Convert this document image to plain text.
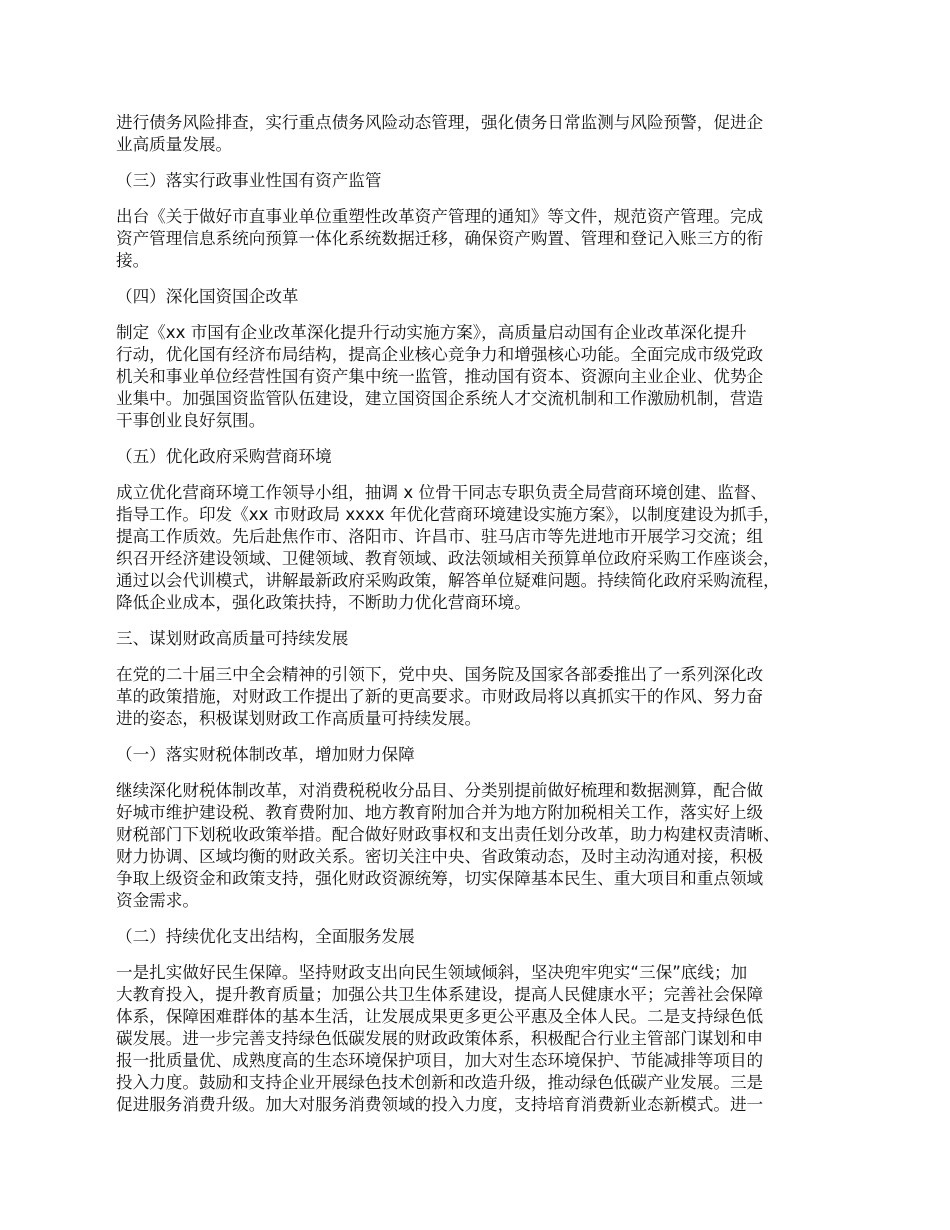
进行债务风险排查，实行重点债务风险动态管理，强化债务日常监测与风险预警，促进企
业高质量发展。
（三）落实行政事业性国有资产监管
出台《关于做好市直事业单位重塑性改革资产管理的通知》等文件，规范资产管理。完成
资产管理信息系统向预算一体化系统数据迁移，确保资产购置、管理和登记入账三方的衔
接。
（四）深化国资国企改革
制定《xx 市国有企业改革深化提升行动实施方案》，高质量启动国有企业改革深化提升
行动，优化国有经济布局结构，提高企业核心竞争力和增强核心功能。全面完成市级党政
机关和事业单位经营性国有资产集中统一监管，推动国有资本、资源向主业企业、优势企
业集中。加强国资监管队伍建设，建立国资国企系统人才交流机制和工作激励机制，营造
干事创业良好氛围。
（五）优化政府采购营商环境
成立优化营商环境工作领导小组，抽调 x 位骨干同志专职负责全局营商环境创建、监督、
指导工作。印发《xx 市财政局 xxxx 年优化营商环境建设实施方案》，以制度建设为抓手，
提高工作质效。先后赴焦作市、洛阳市、许昌市、驻马店市等先进地市开展学习交流；组
织召开经济建设领域、卫健领域、教育领域、政法领域相关预算单位政府采购工作座谈会，
通过以会代训模式，讲解最新政府采购政策，解答单位疑难问题。持续简化政府采购流程，
降低企业成本，强化政策扶持，不断助力优化营商环境。
三、谋划财政高质量可持续发展
在党的二十届三中全会精神的引领下，党中央、国务院及国家各部委推出了一系列深化改
革的政策措施，对财政工作提出了新的更高要求。市财政局将以真抓实干的作风、努力奋
进的姿态，积极谋划财政工作高质量可持续发展。
（一）落实财税体制改革，增加财力保障
继续深化财税体制改革，对消费税税收分品目、分类别提前做好梳理和数据测算，配合做
好城市维护建设税、教育费附加、地方教育附加合并为地方附加税相关工作，落实好上级
财税部门下划税收政策举措。配合做好财政事权和支出责任划分改革，助力构建权责清晰、
财力协调、区域均衡的财政关系。密切关注中央、省政策动态，及时主动沟通对接，积极
争取上级资金和政策支持，强化财政资源统筹，切实保障基本民生、重大项目和重点领域
资金需求。
（二）持续优化支出结构，全面服务发展
一是扎实做好民生保障。坚持财政支出向民生领域倾斜，坚决兜牢兜实“三保”底线；加
大教育投入，提升教育质量；加强公共卫生体系建设，提高人民健康水平；完善社会保障
体系，保障困难群体的基本生活，让发展成果更多更公平惠及全体人民。二是支持绿色低
碳发展。进一步完善支持绿色低碳发展的财政政策体系，积极配合行业主管部门谋划和申
报一批质量优、成熟度高的生态环境保护项目，加大对生态环境保护、节能减排等项目的
投入力度。鼓励和支持企业开展绿色技术创新和改造升级，推动绿色低碳产业发展。三是
促进服务消费升级。加大对服务消费领域的投入力度，支持培育消费新业态新模式。进一
